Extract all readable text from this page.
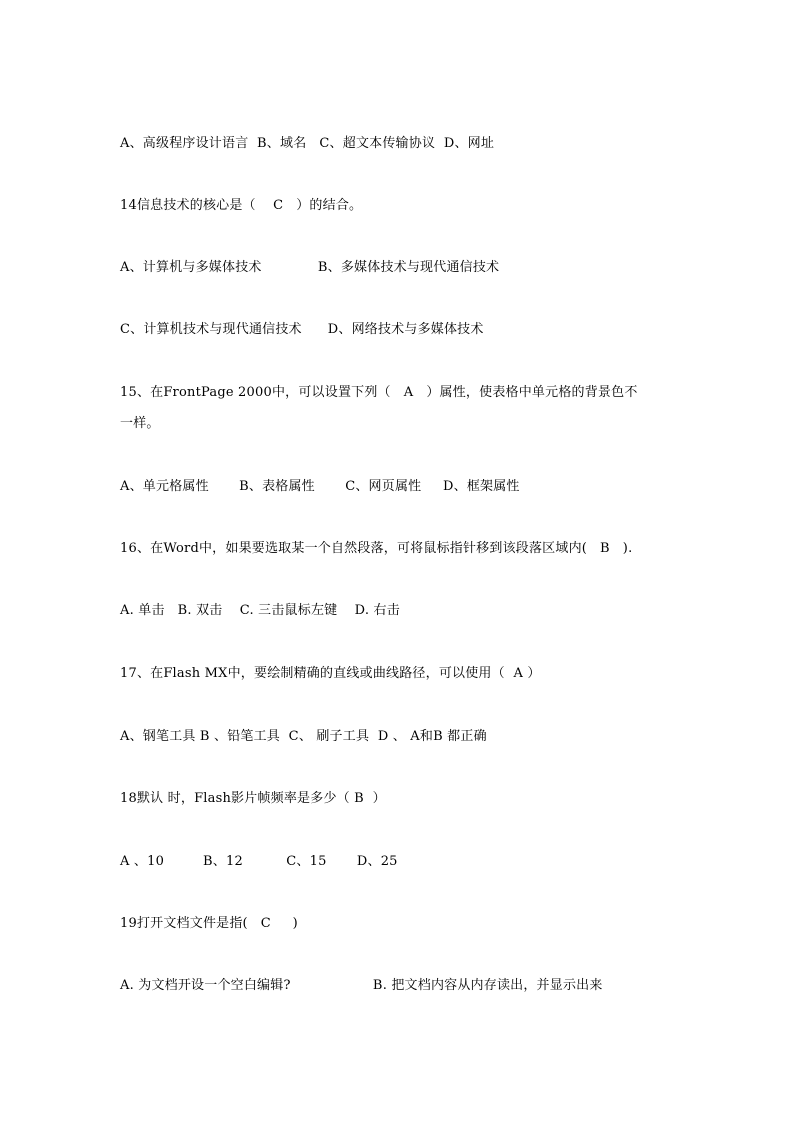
A、高级程序设计语言  B、域名   C、超文本传输协议  D、网址
14信息技术的核心是（    C   ）的结合。
A、计算机与多媒体技术             B、多媒体技术与现代通信技术
C、计算机技术与现代通信技术      D、网络技术与多媒体技术
15、在FrontPage 2000中，可以设置下列（   A   ）属性，使表格中单元格的背景色不
一样。
A、单元格属性       B、表格属性       C、网页属性     D、框架属性
16、在Word中，如果要选取某一个自然段落，可将鼠标指针移到该段落区域内(   B   ).
A. 单击   B. 双击    C. 三击鼠标左键    D. 右击
17、在Flash MX中，要绘制精确的直线或曲线路径，可以使用（  A ）
A、钢笔工具 B 、铅笔工具  C、 刷子工具  D 、 A和B 都正确
18默认 时，Flash影片帧频率是多少（ B  ）
A 、10         B、12          C、15       D、25
19打开文档文件是指(   C     )
A. 为文档开设一个空白编辑?                   B. 把文档内容从内存读出，并显示出来
